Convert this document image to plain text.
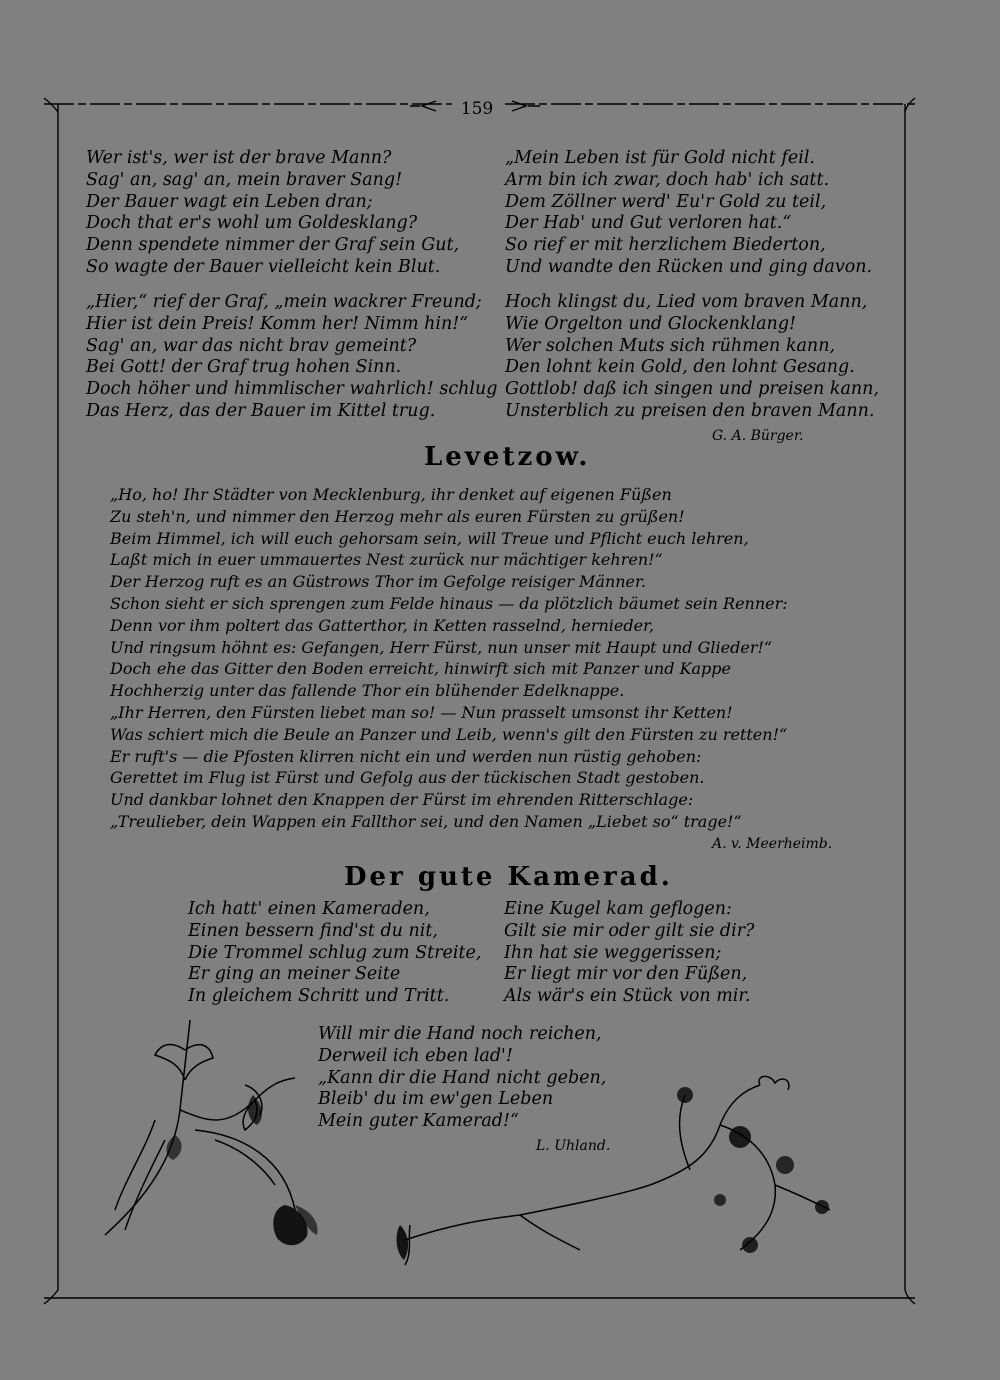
159
Wer ist's, wer ist der brave Mann?
Sag' an, sag' an, mein braver Sang!
Der Bauer wagt ein Leben dran;
Doch that er's wohl um Goldesklang?
Denn spendete nimmer der Graf sein Gut,
So wagte der Bauer vielleicht kein Blut.
„Hier,“ rief der Graf, „mein wackrer Freund;
Hier ist dein Preis! Komm her! Nimm hin!“
Sag' an, war das nicht brav gemeint?
Bei Gott! der Graf trug hohen Sinn.
Doch höher und himmlischer wahrlich! schlug
Das Herz, das der Bauer im Kittel trug.
„Mein Leben ist für Gold nicht feil.
Arm bin ich zwar, doch hab' ich satt.
Dem Zöllner werd' Eu'r Gold zu teil,
Der Hab' und Gut verloren hat.“
So rief er mit herzlichem Biederton,
Und wandte den Rücken und ging davon.
Hoch klingst du, Lied vom braven Mann,
Wie Orgelton und Glockenklang!
Wer solchen Muts sich rühmen kann,
Den lohnt kein Gold, den lohnt Gesang.
Gottlob! daß ich singen und preisen kann,
Unsterblich zu preisen den braven Mann.
G. A. Bürger.
Levetzow.
„Ho, ho! Ihr Städter von Mecklenburg, ihr denket auf eigenen Füßen
Zu steh'n, und nimmer den Herzog mehr als euren Fürsten zu grüßen!
Beim Himmel, ich will euch gehorsam sein, will Treue und Pflicht euch lehren,
Laßt mich in euer ummauertes Nest zurück nur mächtiger kehren!“
Der Herzog ruft es an Güstrows Thor im Gefolge reisiger Männer.
Schon sieht er sich sprengen zum Felde hinaus — da plötzlich bäumet sein Renner:
Denn vor ihm poltert das Gatterthor, in Ketten rasselnd, hernieder,
Und ringsum höhnt es: Gefangen, Herr Fürst, nun unser mit Haupt und Glieder!“
Doch ehe das Gitter den Boden erreicht, hinwirft sich mit Panzer und Kappe
Hochherzig unter das fallende Thor ein blühender Edelknappe.
„Ihr Herren, den Fürsten liebet man so! — Nun prasselt umsonst ihr Ketten!
Was schiert mich die Beule an Panzer und Leib, wenn's gilt den Fürsten zu retten!“
Er ruft's — die Pfosten klirren nicht ein und werden nun rüstig gehoben:
Gerettet im Flug ist Fürst und Gefolg aus der tückischen Stadt gestoben.
Und dankbar lohnet den Knappen der Fürst im ehrenden Ritterschlage:
„Treulieber, dein Wappen ein Fallthor sei, und den Namen „Liebet so“ trage!“
A. v. Meerheimb.
Der gute Kamerad.
Ich hatt' einen Kameraden,
Einen bessern find'st du nit,
Die Trommel schlug zum Streite,
Er ging an meiner Seite
In gleichem Schritt und Tritt.
Eine Kugel kam geflogen:
Gilt sie mir oder gilt sie dir?
Ihn hat sie weggerissen;
Er liegt mir vor den Füßen,
Als wär's ein Stück von mir.
Will mir die Hand noch reichen,
Derweil ich eben lad'!
„Kann dir die Hand nicht geben,
Bleib' du im ew'gen Leben
Mein guter Kamerad!“
L. Uhland.
